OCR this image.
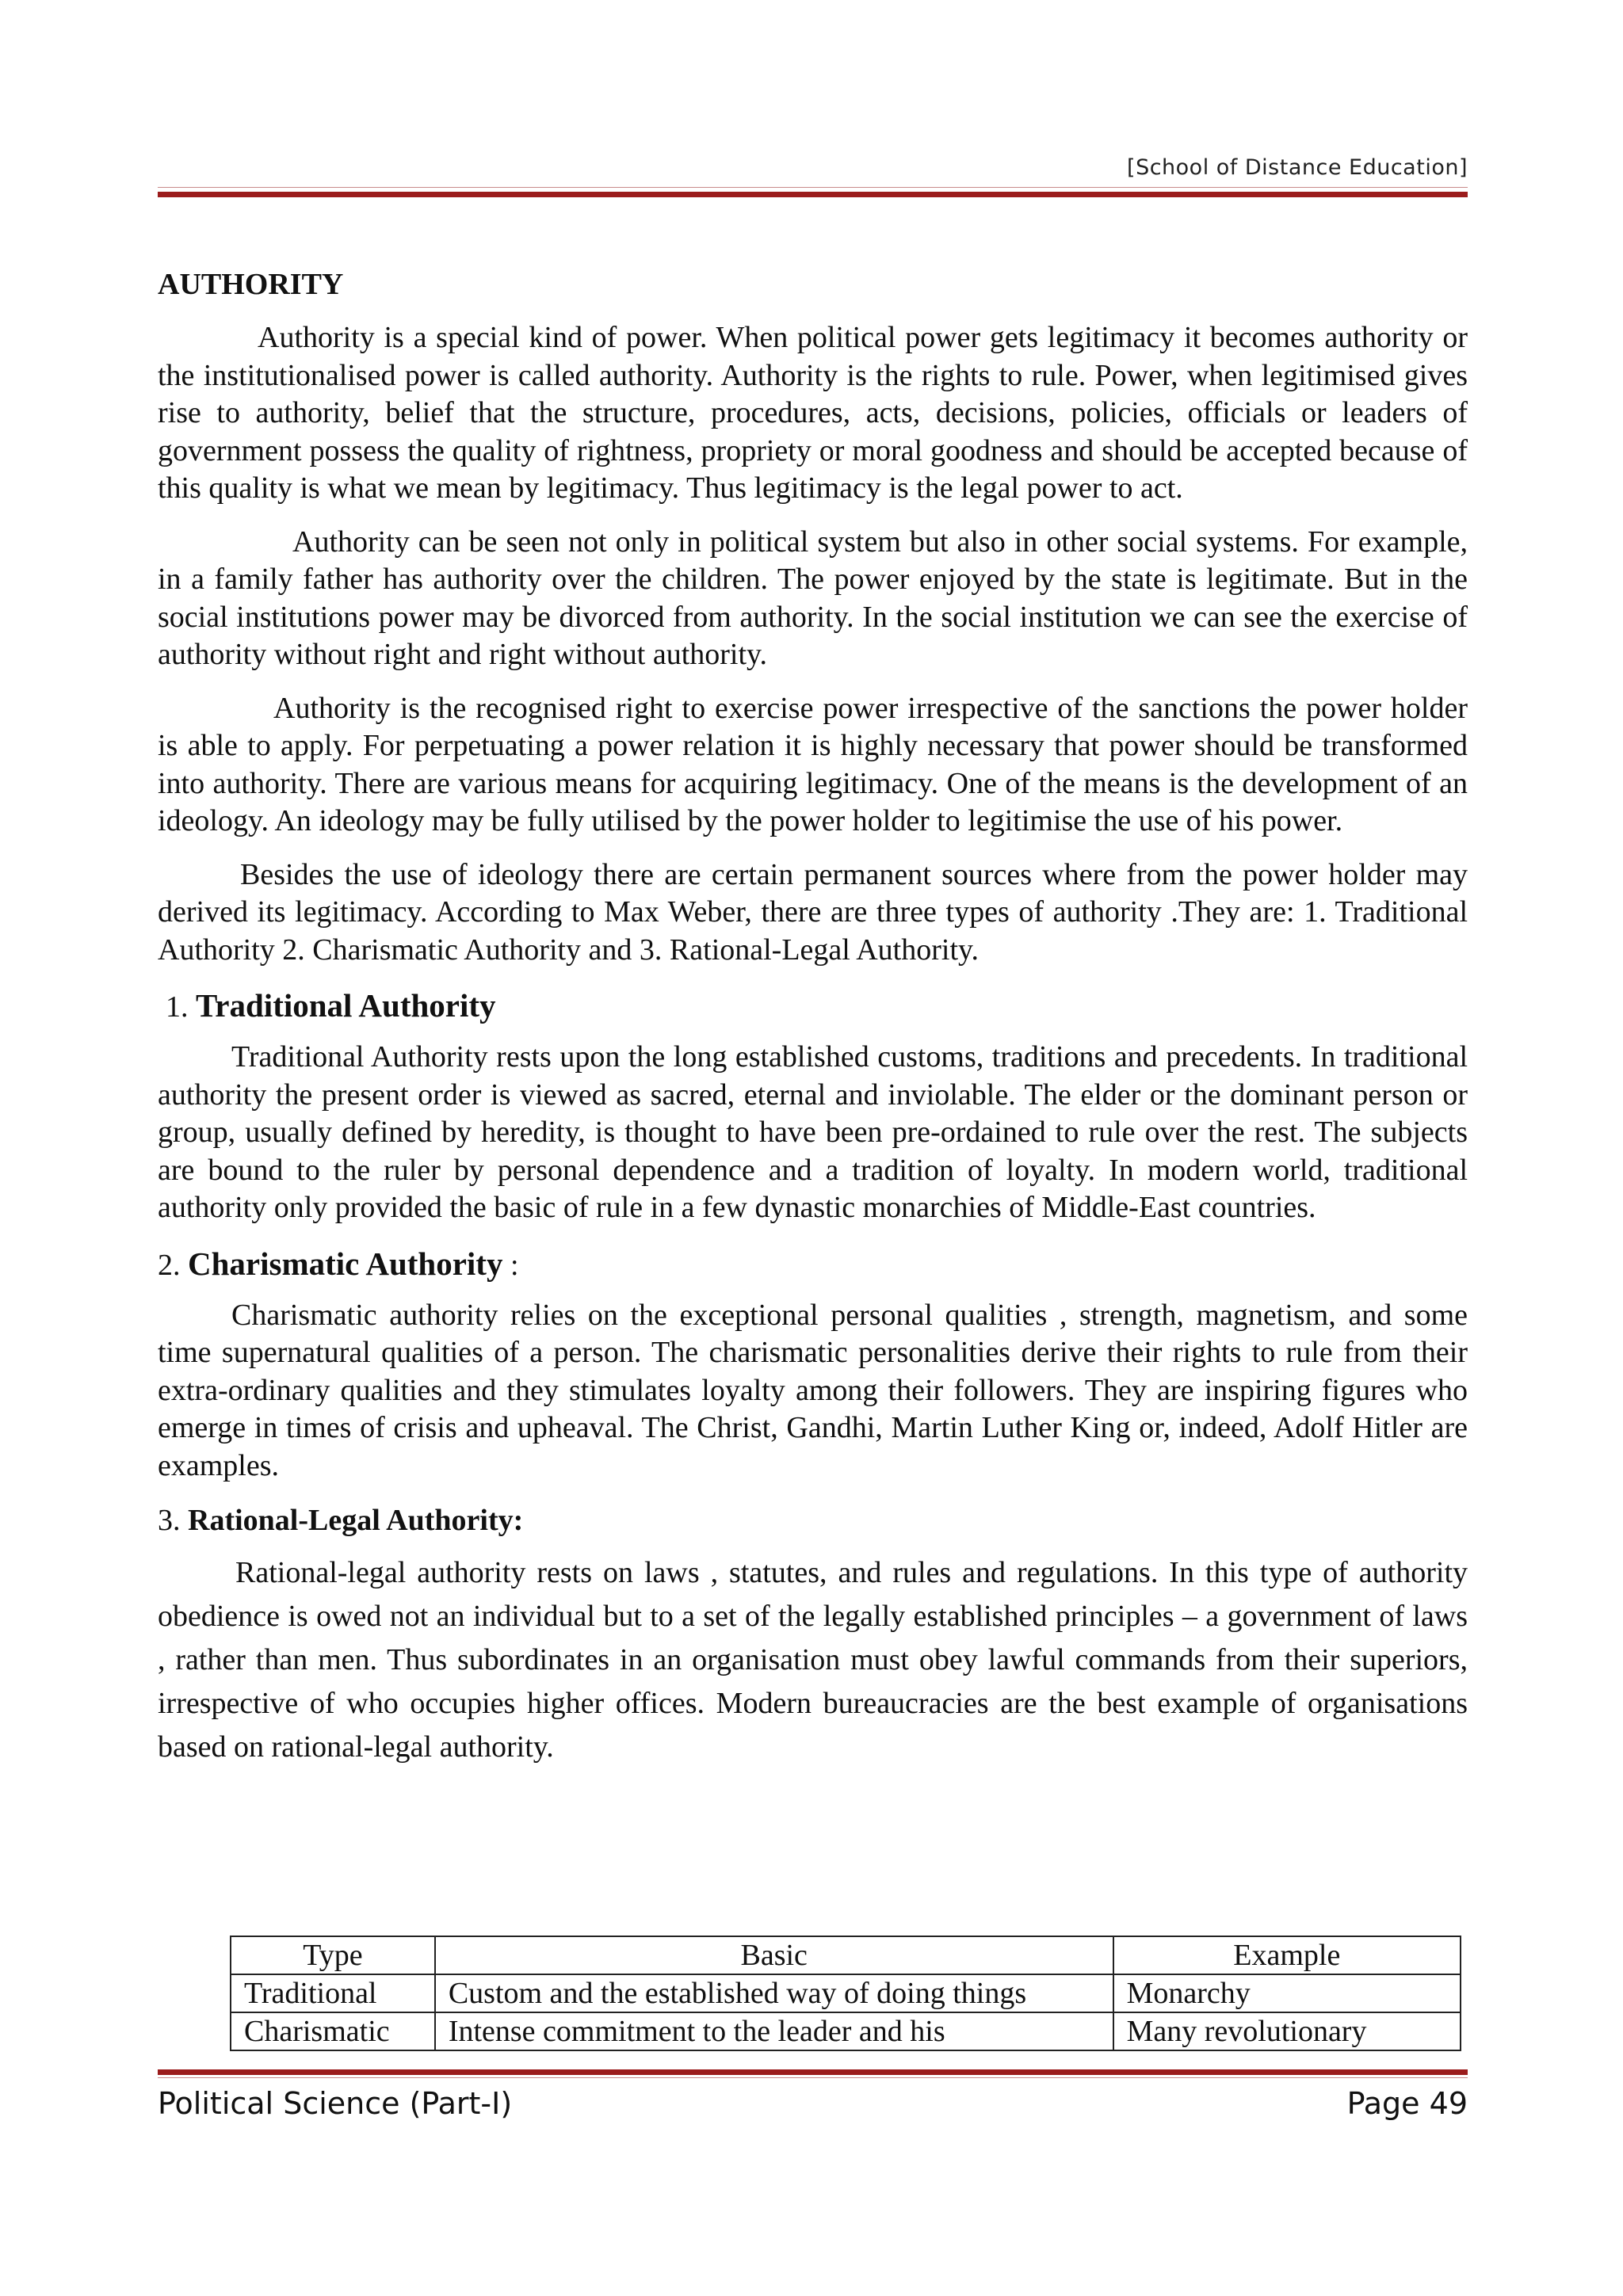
[School of Distance Education]
AUTHORITY

Authority is a special kind of power. When political power gets legitimacy it becomes authority or the institutionalised power is called authority. Authority is the rights to rule. Power, when legitimised gives rise to authority, belief that the structure, procedures, acts, decisions, policies, officials or leaders of government possess the quality of rightness, propriety or moral goodness and should be accepted because of this quality is what we mean by legitimacy. Thus legitimacy is the legal power to act.

Authority can be seen not only in political system but also in other social systems. For example, in a family father has authority over the children. The power enjoyed by the state is legitimate. But in the social institutions power may be divorced from authority. In the social institution we can see the exercise of authority without right and right without authority.

Authority is the recognised right to exercise power irrespective of the sanctions the power holder is able to apply. For perpetuating a power relation it is highly necessary that power should be transformed into authority. There are various means for acquiring legitimacy. One of the means is the development of an ideology. An ideology may be fully utilised by the power holder to legitimise the use of his power.

Besides the use of ideology there are certain permanent sources where from the power holder may derived its legitimacy. According to Max Weber, there are three types of authority .They are: 1. Traditional Authority 2. Charismatic Authority and 3. Rational-Legal Authority.

1. Traditional Authority

Traditional Authority rests upon the long established customs, traditions and precedents. In traditional authority the present order is viewed as sacred, eternal and inviolable. The elder or the dominant person or group, usually defined by heredity, is thought to have been pre-ordained to rule over the rest. The subjects are bound to the ruler by personal dependence and a tradition of loyalty. In modern world, traditional authority only provided the basic of rule in a few dynastic monarchies of Middle-East countries.

2. Charismatic Authority :

Charismatic authority relies on the exceptional personal qualities , strength, magnetism, and some time supernatural qualities of a person. The charismatic personalities derive their rights to rule from their extra-ordinary qualities and they stimulates loyalty among their followers. They are inspiring figures who emerge in times of crisis and upheaval. The Christ, Gandhi, Martin Luther King or, indeed, Adolf Hitler are examples.

3. Rational-Legal Authority:

Rational-legal authority rests on laws , statutes, and rules and regulations. In this type of authority obedience is owed not an individual but to a set of the legally established principles – a government of laws , rather than men. Thus subordinates in an organisation must obey lawful commands from their superiors, irrespective of who occupies higher offices. Modern bureaucracies are the best example of organisations based on rational-legal authority.

Type	Basic	Example
Traditional	Custom and the established way of doing things	Monarchy
Charismatic	Intense commitment to the leader and his	Many revolutionary
Political Science (Part-I)	Page 49
